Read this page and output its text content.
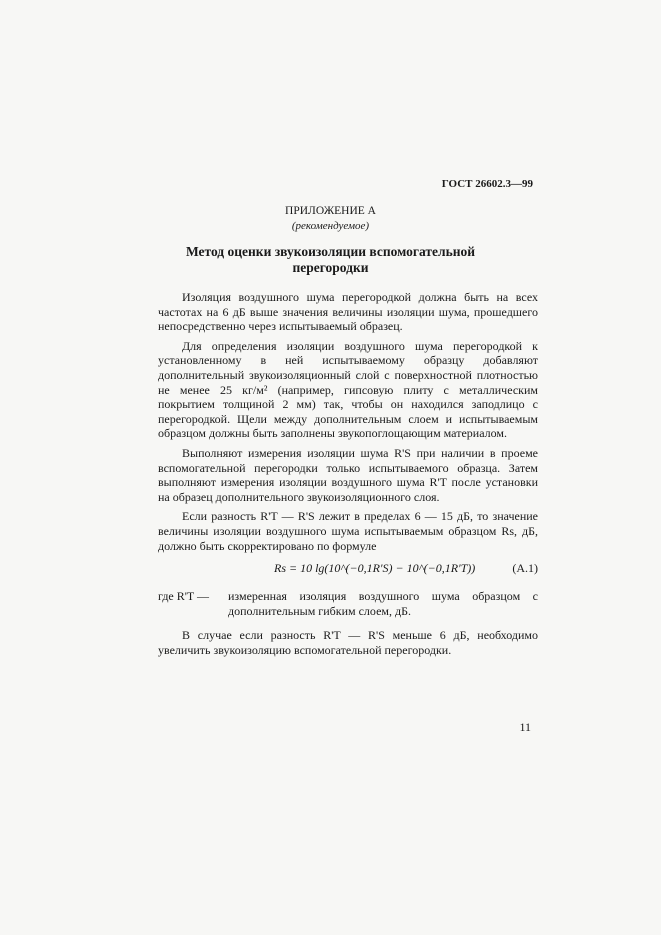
ГОСТ 26602.3—99
ПРИЛОЖЕНИЕ А
(рекомендуемое)
Метод оценки звукоизоляции вспомогательной
перегородки

Изоляция воздушного шума перегородкой должна быть на всех частотах на 6 дБ выше значения величины изоляции шума, прошедшего непосредственно через испытываемый образец.

Для определения изоляции воздушного шума перегородкой к установленному в ней испытываемому образцу добавляют дополнительный звукоизоляционный слой с поверхностной плотностью не менее 25 кг/м² (например, гипсовую плиту с металлическим покрытием толщиной 2 мм) так, чтобы он находился заподлицо с перегородкой. Щели между дополнительным слоем и испытываемым образцом должны быть заполнены звукопоглощающим материалом.

Выполняют измерения изоляции шума R'S при наличии в проеме вспомогательной перегородки только испытываемого образца. Затем выполняют измерения изоляции воздушного шума R'T после установки на образец дополнительного звукоизоляционного слоя.

Если разность R'T — R'S лежит в пределах 6 — 15 дБ, то значение величины изоляции воздушного шума испытываемым образцом Rs, дБ, должно быть скорректировано по формуле

Rs = 10 lg(10^(−0,1R'S) − 10^(−0,1R'T))	(А.1)
где R'T — измеренная изоляция воздушного шума образцом с дополнительным гибким слоем, дБ.

В случае если разность R'T — R'S меньше 6 дБ, необходимо увеличить звукоизоляцию вспомогательной перегородки.

11
